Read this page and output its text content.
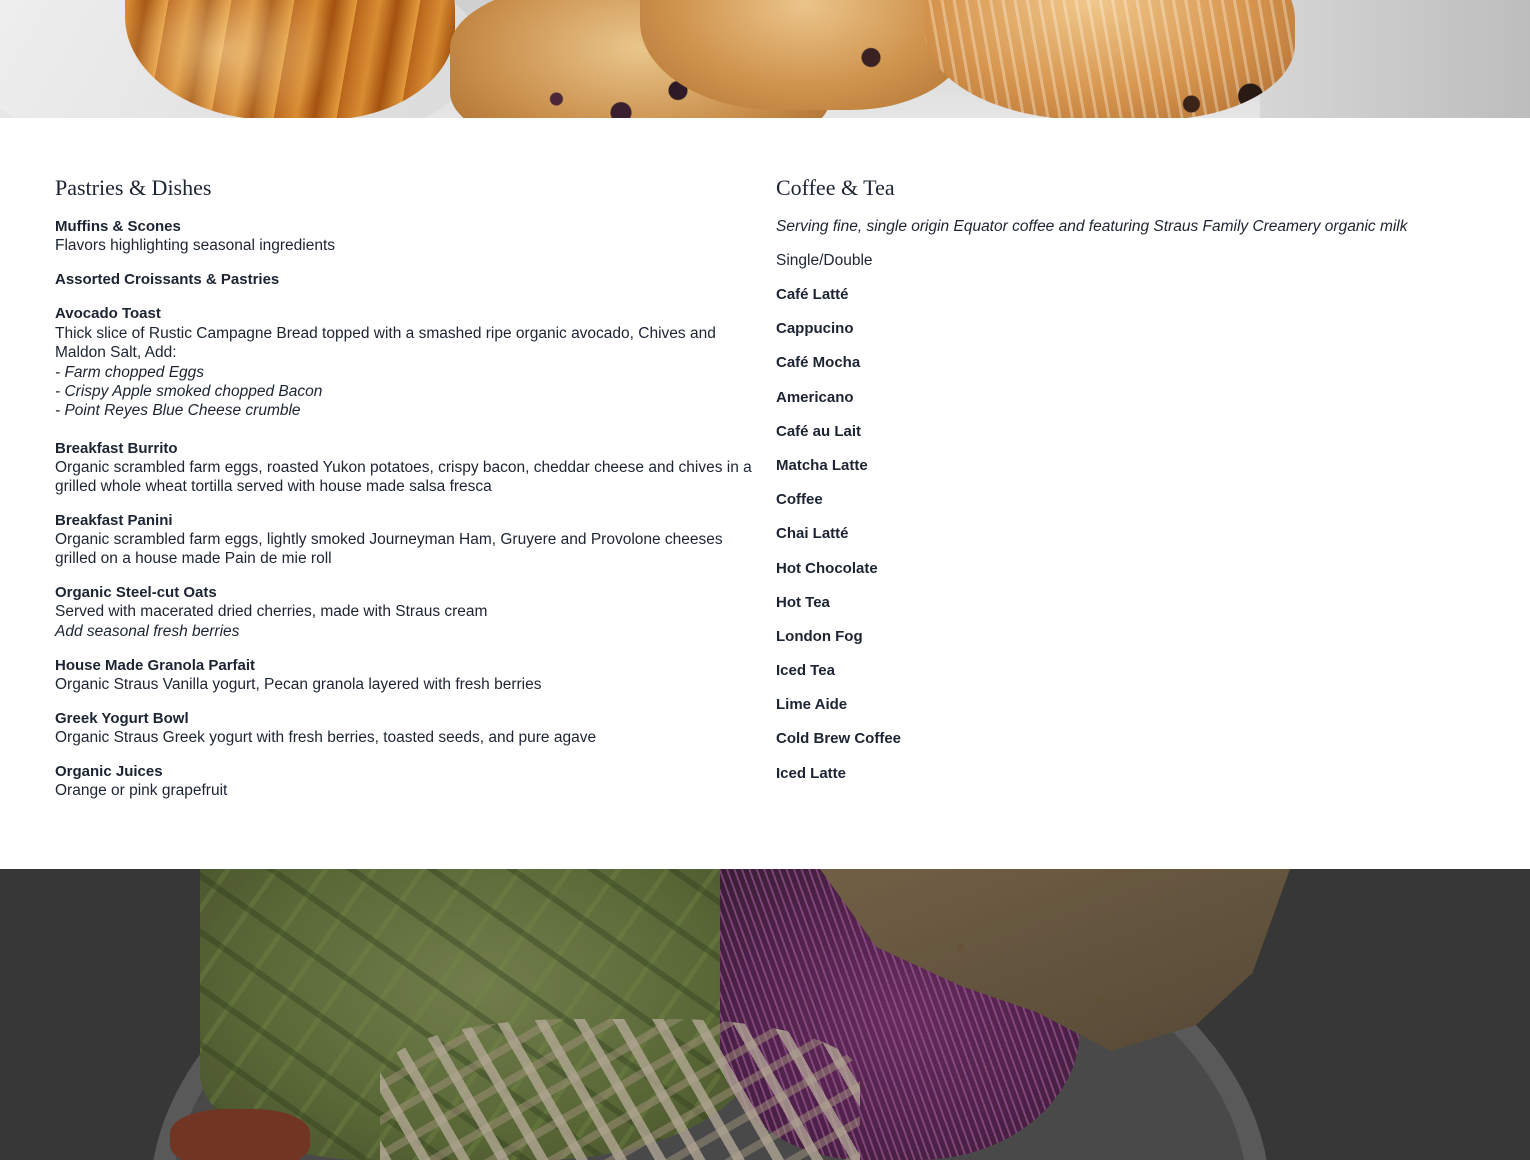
Pastries & Dishes

Muffins & Scones

Flavors highlighting seasonal ingredients

Assorted Croissants & Pastries

Avocado Toast

Thick slice of Rustic Campagne Bread topped with a smashed ripe organic avocado, Chives and Maldon Salt, Add:

- Farm chopped Eggs

- Crispy Apple smoked chopped Bacon

- Point Reyes Blue Cheese crumble

Breakfast Burrito

Organic scrambled farm eggs, roasted Yukon potatoes, crispy bacon, cheddar cheese and chives in a grilled whole wheat tortilla served with house made salsa fresca

Breakfast Panini

Organic scrambled farm eggs, lightly smoked Journeyman Ham, Gruyere and Provolone cheeses grilled on a house made Pain de mie roll

Organic Steel-cut Oats

Served with macerated dried cherries, made with Straus cream

Add seasonal fresh berries

House Made Granola Parfait

Organic Straus Vanilla yogurt, Pecan granola layered with fresh berries

Greek Yogurt Bowl

Organic Straus Greek yogurt with fresh berries, toasted seeds, and pure agave

Organic Juices

Orange or pink grapefruit

Coffee & Tea

Serving fine, single origin Equator coffee and featuring Straus Family Creamery organic milk

Single/Double

Café Latté

Cappucino

Café Mocha

Americano

Café au Lait

Matcha Latte

Coffee

Chai Latté

Hot Chocolate

Hot Tea

London Fog

Iced Tea

Lime Aide

Cold Brew Coffee

Iced Latte
